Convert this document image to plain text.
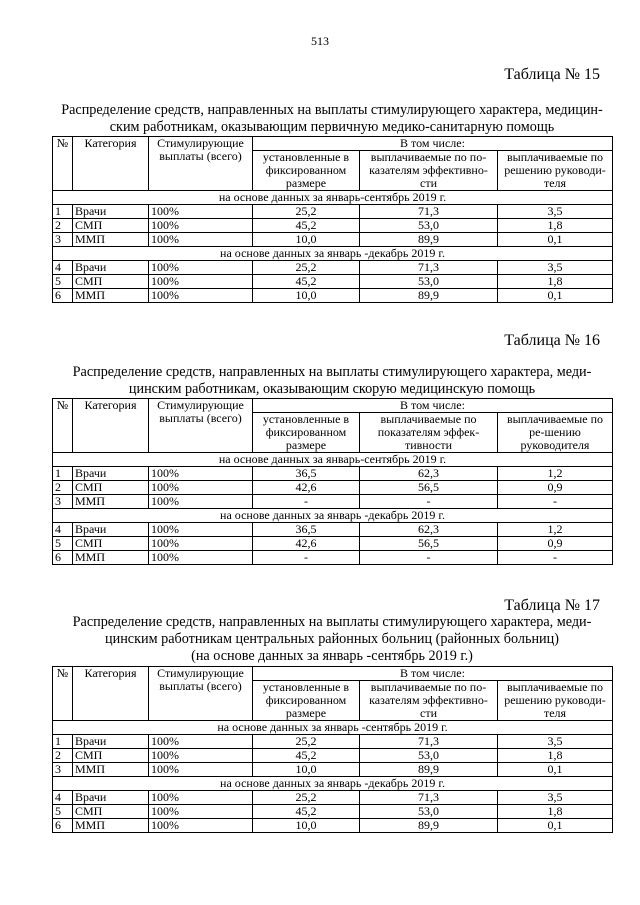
513
Таблица № 15
Распределение средств, направленных на выплаты стимулирующего характера, медицин-
ским работникам, оказывающим первичную медико-санитарную помощь
№	Категория	Стимулирующие выплаты (всего)	В том числе:		
			установленные в фиксированном размере	выплачиваемые по по-казателям эффективно-сти	выплачиваемые по решению руководи-теля
на основе данных за январь-сентябрь 2019 г.					
1	Врачи	100%	25,2	71,3	3,5
2	СМП	100%	45,2	53,0	1,8
3	ММП	100%	10,0	89,9	0,1
на основе данных за январь -декабрь 2019 г.					
4	Врачи	100%	25,2	71,3	3,5
5	СМП	100%	45,2	53,0	1,8
6	ММП	100%	10,0	89,9	0,1
Таблица № 16
Распределение средств, направленных на выплаты стимулирующего характера, меди-
цинским работникам, оказывающим скорую медицинскую помощь
№	Категория	Стимулирующие выплаты (всего)	В том числе:		
			установленные в фиксированном размере	выплачиваемые по показателям эффек-тивности	выплачиваемые по ре-шению руководителя
на основе данных за январь-сентябрь 2019 г.					
1	Врачи	100%	36,5	62,3	1,2
2	СМП	100%	42,6	56,5	0,9
3	ММП	100%	-	-	-
на основе данных за январь -декабрь 2019 г.					
4	Врачи	100%	36,5	62,3	1,2
5	СМП	100%	42,6	56,5	0,9
6	ММП	100%	-	-	-
Таблица № 17
Распределение средств, направленных на выплаты стимулирующего характера, меди-
цинским работникам центральных районных больниц (районных больниц)
(на основе данных за январь -сентябрь 2019 г.)
№	Категория	Стимулирующие выплаты (всего)	В том числе:		
			установленные в фиксированном размере	выплачиваемые по по-казателям эффективно-сти	выплачиваемые по решению руководи-теля
на основе данных за январь -сентябрь 2019 г.					
1	Врачи	100%	25,2	71,3	3,5
2	СМП	100%	45,2	53,0	1,8
3	ММП	100%	10,0	89,9	0,1
на основе данных за январь -декабрь 2019 г.					
4	Врачи	100%	25,2	71,3	3,5
5	СМП	100%	45,2	53,0	1,8
6	ММП	100%	10,0	89,9	0,1
